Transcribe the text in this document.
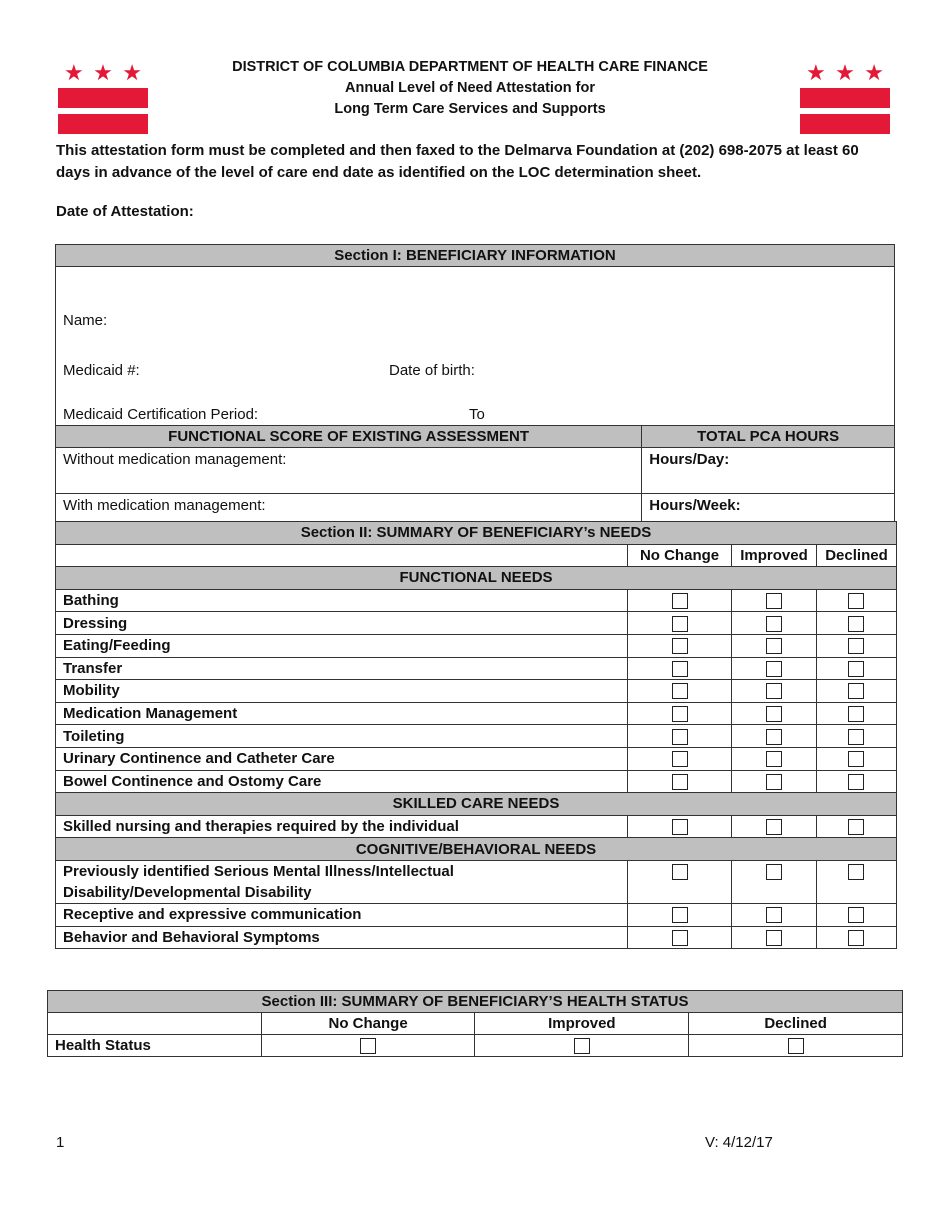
★ ★ ★	★ ★ ★
DISTRICT OF COLUMBIA DEPARTMENT OF HEALTH CARE FINANCE
Annual Level of Need Attestation for
Long Term Care Services and Supports
This attestation form must be completed and then faxed to the Delmarva Foundation at (202) 698-2075 at least 60 days in advance of the level of care end date as identified on the LOC determination sheet.
Date of Attestation:
Section I: BENEFICIARY INFORMATION	
Name:	
Medicaid #: Date of birth:	

Medicaid Certification Period: To	

FUNCTIONAL SCORE OF EXISTING ASSESSMENT	TOTAL PCA HOURS
Without medication management:	Hours/Day:
With medication management:	Hours/Week:
Section II: SUMMARY OF BENEFICIARY’s NEEDS			
	No Change	Improved	Declined
FUNCTIONAL NEEDS			
Bathing			
Dressing			
Eating/Feeding			
Transfer			
Mobility			
Medication Management			
Toileting			
Urinary Continence and Catheter Care			
Bowel Continence and Ostomy Care			
SKILLED CARE NEEDS			
Skilled nursing and therapies required by the individual			
COGNITIVE/BEHAVIORAL NEEDS			

Previously identified Serious Mental Illness/Intellectual
Disability/Developmental Disability			

Receptive and expressive communication			
Behavior and Behavioral Symptoms			
Section III: SUMMARY OF BENEFICIARY’S HEALTH STATUS			
	No Change	Improved	Declined
Health Status			
1	V: 4/12/17
